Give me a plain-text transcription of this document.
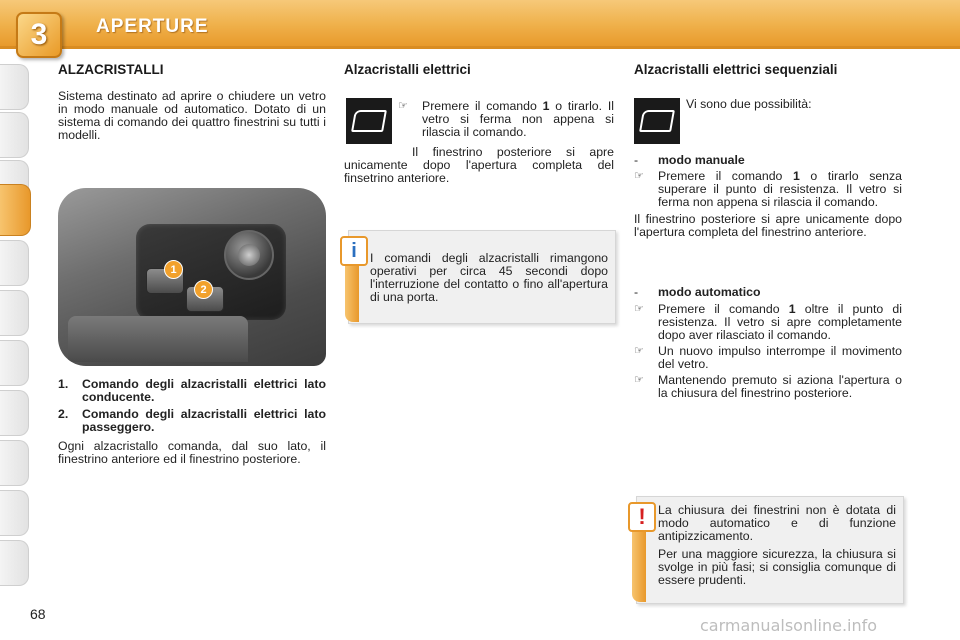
3	APERTURE
ALZACRISTALLI

Sistema destinato ad aprire o chiudere un vetro in modo manuale od automatico. Dotato di un sistema di comando dei quattro finestrini su tutti i modelli.

1
2
1.	Comando degli alzacristalli elettrici lato conducente.
2.	Comando degli alzacristalli elettrici lato passeggero.

Ogni alzacristallo comanda, dal suo lato, il finestrino anteriore ed il finestrino posteriore.

Alzacristalli elettrici
☞	Premere il comando 1 o tirarlo. Il vetro si ferma non appena si rilascia il comando.
Il finestrino posteriore si apre unicamente dopo l'apertura completa del finsetrino anteriore.
i	I comandi degli alzacristalli rimangono operativi per circa 45 secondi dopo l'interruzione del contatto o fino all'apertura di una porta.
Alzacristalli elettrici sequenziali
Vi sono due possibilità:
-	modo manuale
☞	Premere il comando 1 o tirarlo senza superare il punto di resistenza. Il vetro si ferma non appena si rilascia il comando.

Il finestrino posteriore si apre unicamente dopo l'apertura completa del finestrino anteriore.

-	modo automatico
☞	Premere il comando 1 oltre il punto di resistenza. Il vetro si apre completamente dopo aver rilasciato il comando.
☞	Un nuovo impulso interrompe il movimento del vetro.
☞	Mantenendo premuto si aziona l'apertura o la chiusura del finestrino posteriore.
!	La chiusura dei finestrini non è dotata di modo automatico e di funzione antipizzicamento.

Per una maggiore sicurezza, la chiusura si svolge in più fasi; si consiglia comunque di essere prudenti.

68
carmanualsonline.info
